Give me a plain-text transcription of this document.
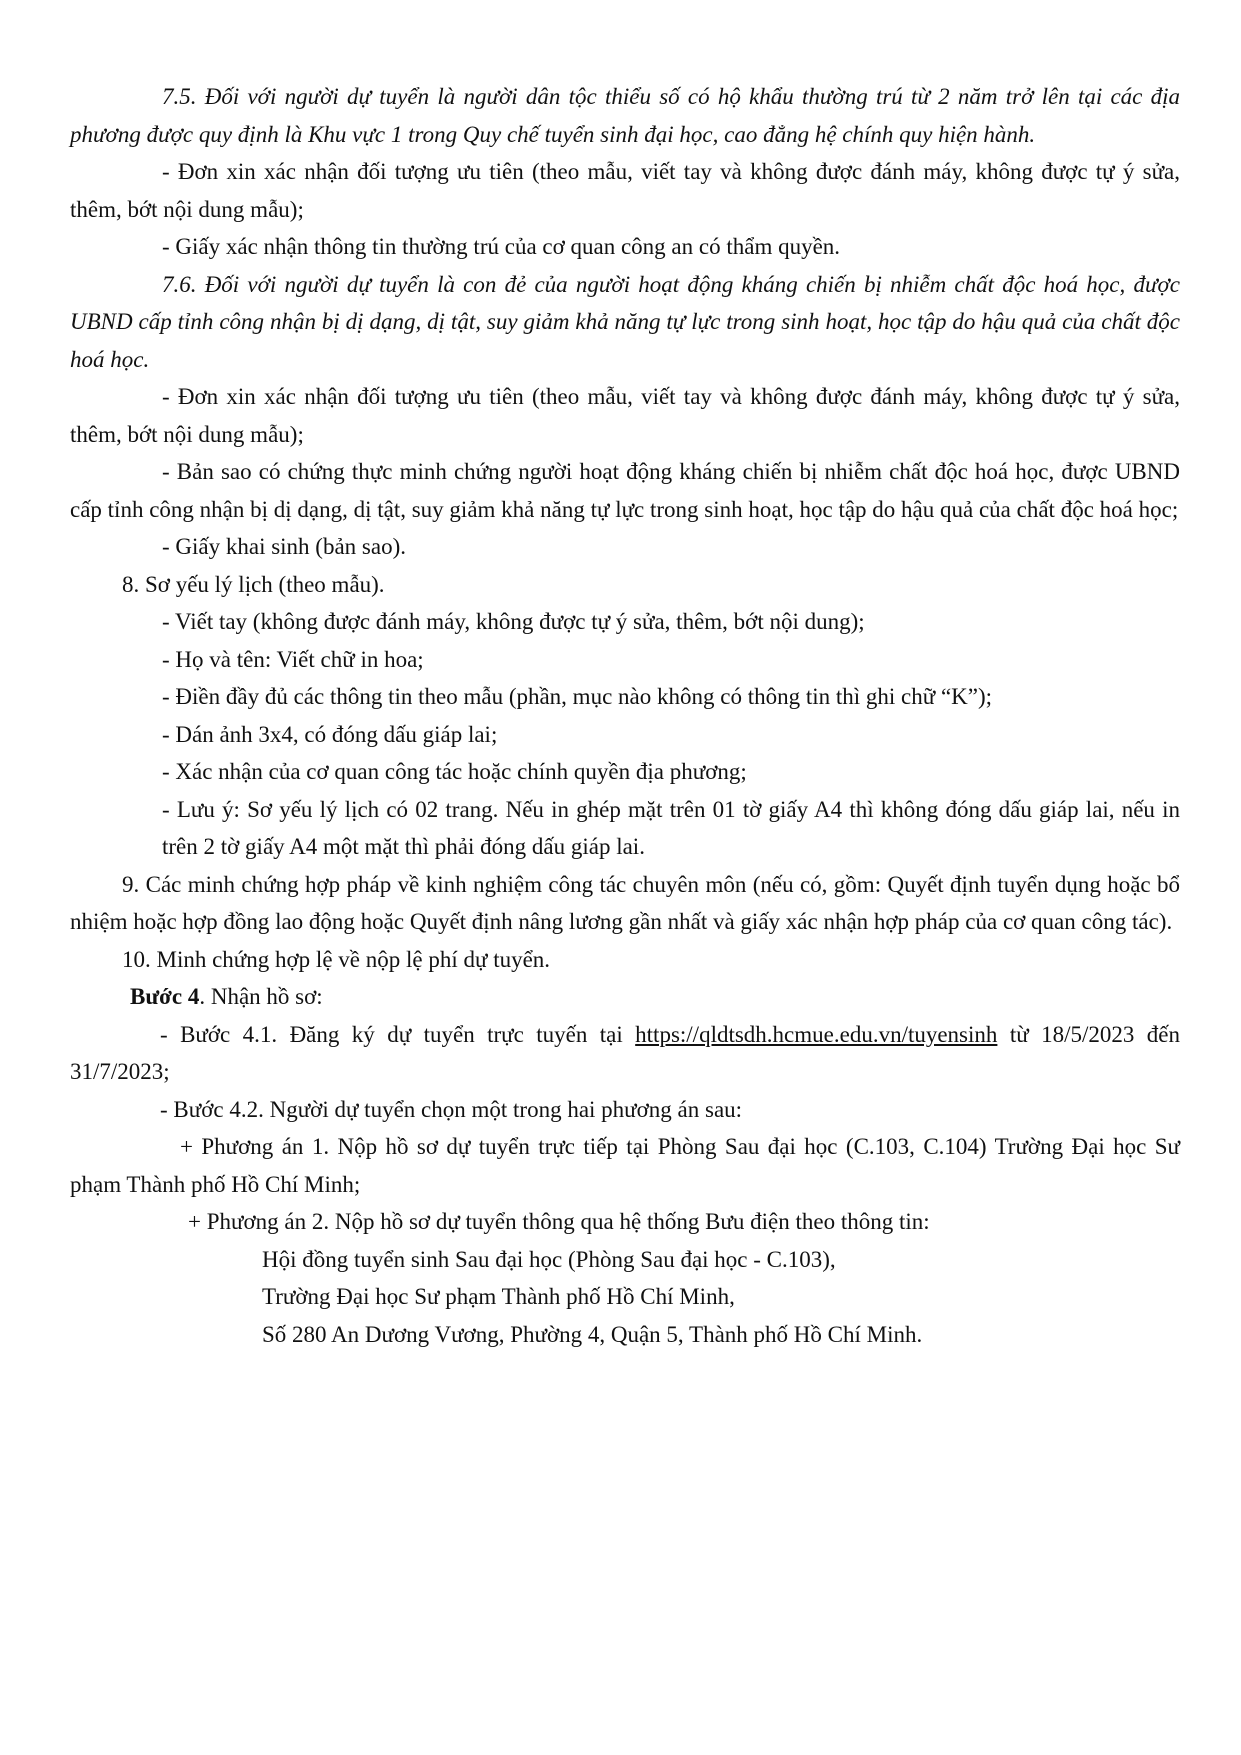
7.5. Đối với người dự tuyển là người dân tộc thiểu số có hộ khẩu thường trú từ 2 năm trở lên tại các địa phương được quy định là Khu vực 1 trong Quy chế tuyển sinh đại học, cao đẳng hệ chính quy hiện hành.

- Đơn xin xác nhận đối tượng ưu tiên (theo mẫu, viết tay và không được đánh máy, không được tự ý sửa, thêm, bớt nội dung mẫu);

- Giấy xác nhận thông tin thường trú của cơ quan công an có thẩm quyền.

7.6. Đối với người dự tuyển là con đẻ của người hoạt động kháng chiến bị nhiễm chất độc hoá học, được UBND cấp tỉnh công nhận bị dị dạng, dị tật, suy giảm khả năng tự lực trong sinh hoạt, học tập do hậu quả của chất độc hoá học.

- Đơn xin xác nhận đối tượng ưu tiên (theo mẫu, viết tay và không được đánh máy, không được tự ý sửa, thêm, bớt nội dung mẫu);

- Bản sao có chứng thực minh chứng người hoạt động kháng chiến bị nhiễm chất độc hoá học, được UBND cấp tỉnh công nhận bị dị dạng, dị tật, suy giảm khả năng tự lực trong sinh hoạt, học tập do hậu quả của chất độc hoá học;

- Giấy khai sinh (bản sao).

8. Sơ yếu lý lịch (theo mẫu).

- Viết tay (không được đánh máy, không được tự ý sửa, thêm, bớt nội dung);

- Họ và tên: Viết chữ in hoa;

- Điền đầy đủ các thông tin theo mẫu (phần, mục nào không có thông tin thì ghi chữ “K”);

- Dán ảnh 3x4, có đóng dấu giáp lai;

- Xác nhận của cơ quan công tác hoặc chính quyền địa phương;

- Lưu ý: Sơ yếu lý lịch có 02 trang. Nếu in ghép mặt trên 01 tờ giấy A4 thì không đóng dấu giáp lai, nếu in trên 2 tờ giấy A4 một mặt thì phải đóng dấu giáp lai.

9. Các minh chứng hợp pháp về kinh nghiệm công tác chuyên môn (nếu có, gồm: Quyết định tuyển dụng hoặc bổ nhiệm hoặc hợp đồng lao động hoặc Quyết định nâng lương gần nhất và giấy xác nhận hợp pháp của cơ quan công tác).

10. Minh chứng hợp lệ về nộp lệ phí dự tuyển.

Bước 4. Nhận hồ sơ:

- Bước 4.1. Đăng ký dự tuyển trực tuyến tại https://qldtsdh.hcmue.edu.vn/tuyensinh từ 18/5/2023 đến 31/7/2023;

- Bước 4.2. Người dự tuyển chọn một trong hai phương án sau:

+ Phương án 1. Nộp hồ sơ dự tuyển trực tiếp tại Phòng Sau đại học (C.103, C.104) Trường Đại học Sư phạm Thành phố Hồ Chí Minh;

+ Phương án 2. Nộp hồ sơ dự tuyển thông qua hệ thống Bưu điện theo thông tin:

Hội đồng tuyển sinh Sau đại học (Phòng Sau đại học - C.103),

Trường Đại học Sư phạm Thành phố Hồ Chí Minh,

Số 280 An Dương Vương, Phường 4, Quận 5, Thành phố Hồ Chí Minh.
